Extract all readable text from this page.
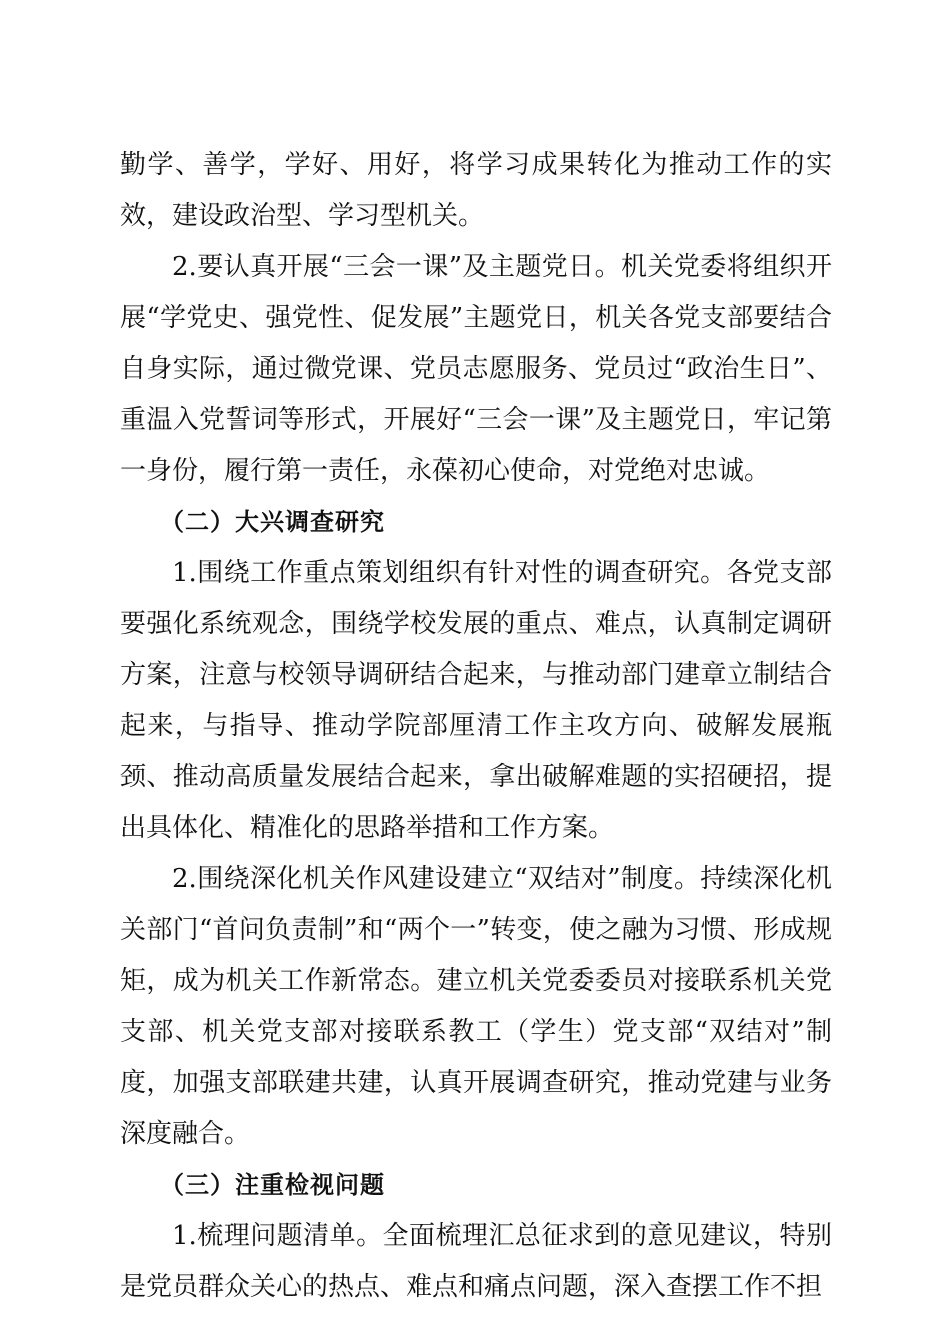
勤学、善学，学好、用好，将学习成果转化为推动工作的实效，建设政治型、学习型机关。

2.要认真开展“三会一课”及主题党日。机关党委将组织开展“学党史、强党性、促发展”主题党日，机关各党支部要结合自身实际，通过微党课、党员志愿服务、党员过“政治生日”、重温入党誓词等形式，开展好“三会一课”及主题党日，牢记第一身份，履行第一责任，永葆初心使命，对党绝对忠诚。

（二）大兴调查研究

1.围绕工作重点策划组织有针对性的调查研究。各党支部要强化系统观念，围绕学校发展的重点、难点，认真制定调研方案，注意与校领导调研结合起来，与推动部门建章立制结合起来，与指导、推动学院部厘清工作主攻方向、破解发展瓶颈、推动高质量发展结合起来，拿出破解难题的实招硬招，提出具体化、精准化的思路举措和工作方案。

2.围绕深化机关作风建设建立“双结对”制度。持续深化机关部门“首问负责制”和“两个一”转变，使之融为习惯、形成规矩，成为机关工作新常态。建立机关党委委员对接联系机关党支部、机关党支部对接联系教工（学生）党支部“双结对”制度，加强支部联建共建，认真开展调查研究，推动党建与业务深度融合。

（三）注重检视问题

1.梳理问题清单。全面梳理汇总征求到的意见建议，特别是党员群众关心的热点、难点和痛点问题，深入查摆工作不担
